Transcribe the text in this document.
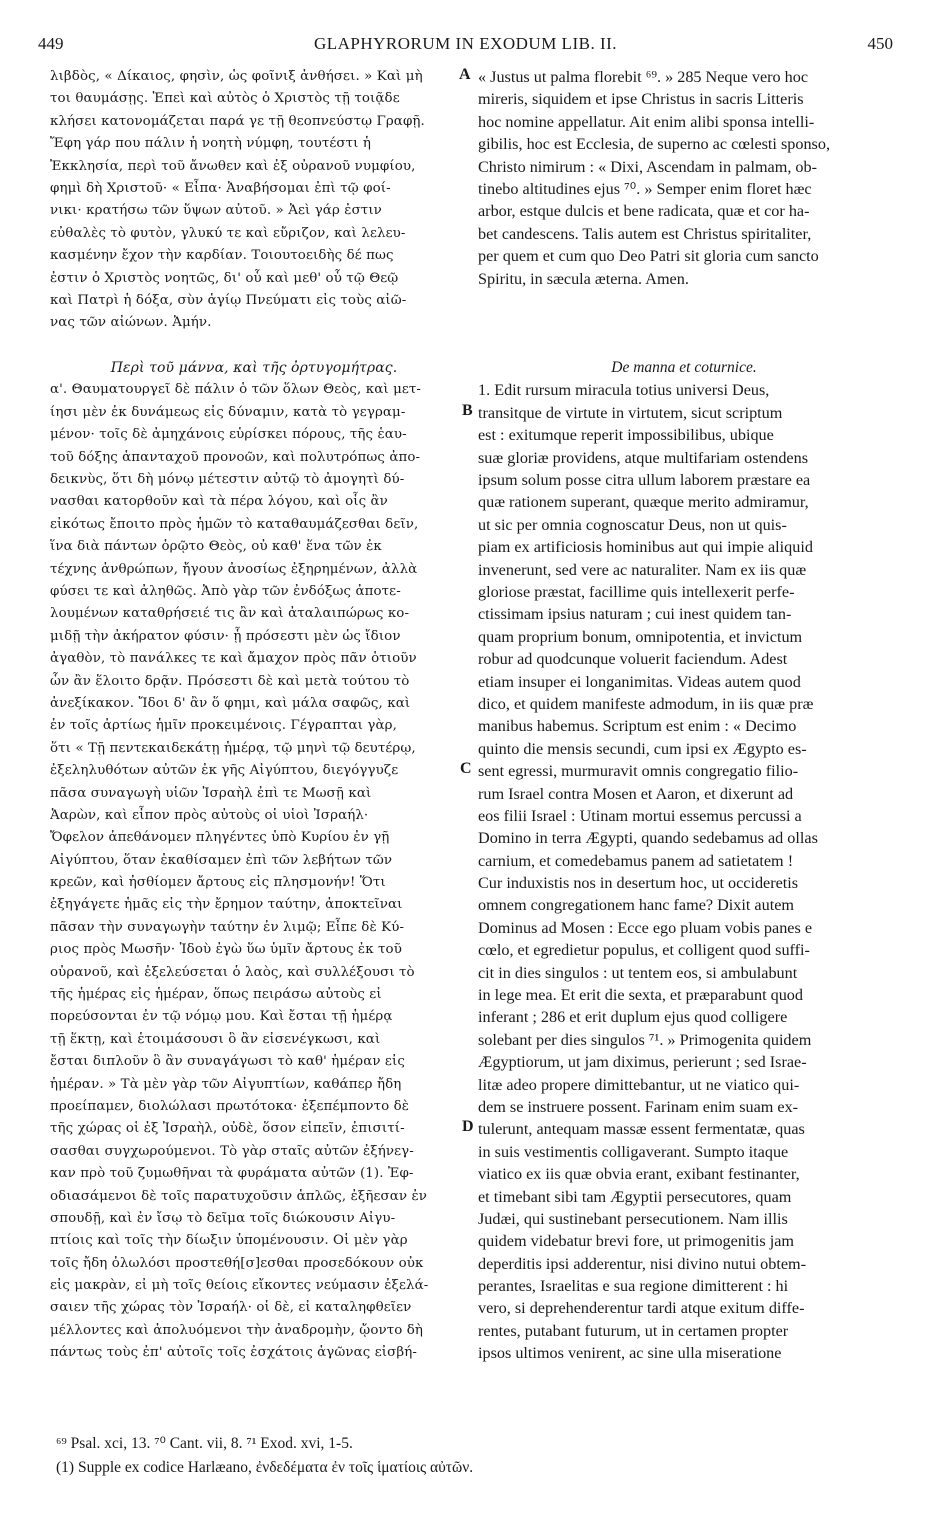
449	GLAPHYRORUM IN EXODUM LIB. II.	450
λιβδὸς, « Δίκαιος, φησὶν, ὡς φοῖνιξ ἀνθήσει. » Καὶ μὴ
τοι θαυμάσῃς. Ἐπεὶ καὶ αὐτὸς ὁ Χριστὸς τῇ τοιᾷδε
κλήσει κατονομάζεται παρά γε τῇ θεοπνεύστῳ Γραφῇ.
Ἔφη γάρ που πάλιν ἡ νοητὴ νύμφη, τουτέστι ἡ
Ἐκκλησία, περὶ τοῦ ἄνωθεν καὶ ἐξ οὐρανοῦ νυμφίου,
φημὶ δὴ Χριστοῦ· « Εἶπα· Ἀναβήσομαι ἐπὶ τῷ φοί-
νικι· κρατήσω τῶν ὕψων αὐτοῦ. » Ἀεὶ γάρ ἐστιν
εὐθαλὲς τὸ φυτὸν, γλυκύ τε καὶ εὔριζον, καὶ λελευ-
κασμένην ἔχον τὴν καρδίαν. Τοιουτοειδὴς δέ πως
ἐστιν ὁ Χριστὸς νοητῶς, δι' οὗ καὶ μεθ' οὗ τῷ Θεῷ
καὶ Πατρὶ ἡ δόξα, σὺν ἁγίῳ Πνεύματι εἰς τοὺς αἰῶ-
νας τῶν αἰώνων. Ἀμήν.
Περὶ τοῦ μάννα, καὶ τῆς ὀρτυγομήτρας.
α'. Θαυματουργεῖ δὲ πάλιν ὁ τῶν ὅλων Θεὸς, καὶ μετ-
ίησι μὲν ἐκ δυνάμεως εἰς δύναμιν, κατὰ τὸ γεγραμ-
μένον· τοῖς δὲ ἀμηχάνοις εὑρίσκει πόρους, τῆς ἑαυ-
τοῦ δόξης ἁπανταχοῦ προνοῶν, καὶ πολυτρόπως ἀπο-
δεικνὺς, ὅτι δὴ μόνῳ μέτεστιν αὐτῷ τὸ ἀμογητὶ δύ-
νασθαι κατορθοῦν καὶ τὰ πέρα λόγου, καὶ οἷς ἂν
εἰκότως ἔποιτο πρὸς ἡμῶν τὸ καταθαυμάζεσθαι δεῖν,
ἵνα διὰ πάντων ὁρῷτο Θεὸς, οὐ καθ' ἕνα τῶν ἐκ
τέχνης ἀνθρώπων, ἤγουν ἀνοσίως ἐξηρημένων, ἀλλὰ
φύσει τε καὶ ἀληθῶς. Ἀπὸ γὰρ τῶν ἐνδόξως ἀποτε-
λουμένων καταθρήσειέ τις ἂν καὶ ἀταλαιπώρως κο-
μιδῇ τὴν ἀκήρατον φύσιν· ᾗ πρόσεστι μὲν ὡς ἴδιον
ἀγαθὸν, τὸ πανάλκες τε καὶ ἄμαχον πρὸς πᾶν ὁτιοῦν
ὧν ἂν ἕλοιτο δρᾷν. Πρόσεστι δὲ καὶ μετὰ τούτου τὸ
ἀνεξίκακον. Ἴδοι δ' ἂν ὅ φημι, καὶ μάλα σαφῶς, καὶ
ἐν τοῖς ἀρτίως ἡμῖν προκειμένοις. Γέγραπται γὰρ,
ὅτι « Τῇ πεντεκαιδεκάτῃ ἡμέρᾳ, τῷ μηνὶ τῷ δευτέρῳ,
ἐξεληλυθότων αὐτῶν ἐκ γῆς Αἰγύπτου, διεγόγγυζε
πᾶσα συναγωγὴ υἱῶν Ἰσραὴλ ἐπὶ τε Μωσῇ καὶ
Ἀαρὼν, καὶ εἶπον πρὸς αὐτοὺς οἱ υἱοὶ Ἰσραήλ·
Ὄφελον ἀπεθάνομεν πληγέντες ὑπὸ Κυρίου ἐν γῇ
Αἰγύπτου, ὅταν ἐκαθίσαμεν ἐπὶ τῶν λεβήτων τῶν
κρεῶν, καὶ ἠσθίομεν ἄρτους εἰς πλησμονήν! Ὅτι
ἐξηγάγετε ἡμᾶς εἰς τὴν ἔρημον ταύτην, ἀποκτεῖναι
πᾶσαν τὴν συναγωγὴν ταύτην ἐν λιμῷ; Εἶπε δὲ Κύ-
ριος πρὸς Μωσῆν· Ἰδοὺ ἐγὼ ὕω ὑμῖν ἄρτους ἐκ τοῦ
οὐρανοῦ, καὶ ἐξελεύσεται ὁ λαὸς, καὶ συλλέξουσι τὸ
τῆς ἡμέρας εἰς ἡμέραν, ὅπως πειράσω αὐτοὺς εἰ
πορεύσονται ἐν τῷ νόμῳ μου. Καὶ ἔσται τῇ ἡμέρᾳ
τῇ ἕκτῃ, καὶ ἑτοιμάσουσι ὃ ἂν εἰσενέγκωσι, καὶ
ἔσται διπλοῦν ὃ ἂν συναγάγωσι τὸ καθ' ἡμέραν εἰς
ἡμέραν. » Τὰ μὲν γὰρ τῶν Αἰγυπτίων, καθάπερ ἤδη
προείπαμεν, διολώλασι πρωτότοκα· ἐξεπέμποντο δὲ
τῆς χώρας οἱ ἐξ Ἰσραὴλ, οὐδὲ, ὅσον εἰπεῖν, ἐπισιτί-
σασθαι συγχωρούμενοι. Τὸ γὰρ σταῖς αὐτῶν ἐξήνεγ-
καν πρὸ τοῦ ζυμωθῆναι τὰ φυράματα αὐτῶν (1). Ἐφ-
οδιασάμενοι δὲ τοῖς παρατυχοῦσιν ἁπλῶς, ἐξῆεσαν ἐν
σπουδῇ, καὶ ἐν ἴσῳ τὸ δεῖμα τοῖς διώκουσιν Αἰγυ-
πτίοις καὶ τοῖς τὴν δίωξιν ὑπομένουσιν. Οἱ μὲν γὰρ
τοῖς ἤδη ὀλωλόσι προστεθή[σ]εσθαι προσεδόκουν οὐκ
εἰς μακρὰν, εἰ μὴ τοῖς θείοις εἴκοντες νεύμασιν ἐξελά-
σαιεν τῆς χώρας τὸν Ἰσραήλ· οἱ δὲ, εἰ καταληφθεῖεν
μέλλοντες καὶ ἀπολυόμενοι τὴν ἀναδρομὴν, ᾤοντο δὴ
πάντως τοὺς ἐπ' αὐτοῖς τοῖς ἐσχάτοις ἀγῶνας εἰσβή-
« Justus ut palma florebit ⁶⁹. » 285 Neque vero hoc
mireris, siquidem et ipse Christus in sacris Litteris
hoc nomine appellatur. Ait enim alibi sponsa intelli-
gibilis, hoc est Ecclesia, de superno ac cœlesti sponso,
Christo nimirum : « Dixi, Ascendam in palmam, ob-
tinebo altitudines ejus ⁷⁰. » Semper enim floret hæc
arbor, estque dulcis et bene radicata, quæ et cor ha-
bet candescens. Talis autem est Christus spiritaliter,
per quem et cum quo Deo Patri sit gloria cum sancto
Spiritu, in sæcula æterna. Amen.
De manna et coturnice.
1. Edit rursum miracula totius universi Deus,
transitque de virtute in virtutem, sicut scriptum
est : exitumque reperit impossibilibus, ubique
suæ gloriæ providens, atque multifariam ostendens
ipsum solum posse citra ullum laborem præstare ea
quæ rationem superant, quæque merito admiramur,
ut sic per omnia cognoscatur Deus, non ut quis-
piam ex artificiosis hominibus aut qui impie aliquid
invenerunt, sed vere ac naturaliter. Nam ex iis quæ
gloriose præstat, facillime quis intellexerit perfe-
ctissimam ipsius naturam ; cui inest quidem tan-
quam proprium bonum, omnipotentia, et invictum
robur ad quodcunque voluerit faciendum. Adest
etiam insuper ei longanimitas. Videas autem quod
dico, et quidem manifeste admodum, in iis quæ præ
manibus habemus. Scriptum est enim : « Decimo
quinto die mensis secundi, cum ipsi ex Ægypto es-
sent egressi, murmuravit omnis congregatio filio-
rum Israel contra Mosen et Aaron, et dixerunt ad
eos filii Israel : Utinam mortui essemus percussi a
Domino in terra Ægypti, quando sedebamus ad ollas
carnium, et comedebamus panem ad satietatem !
Cur induxistis nos in desertum hoc, ut occideretis
omnem congregationem hanc fame? Dixit autem
Dominus ad Mosen : Ecce ego pluam vobis panes e
cœlo, et egredietur populus, et colligent quod suffi-
cit in dies singulos : ut tentem eos, si ambulabunt
in lege mea. Et erit die sexta, et præparabunt quod
inferant ; 286 et erit duplum ejus quod colligere
solebant per dies singulos ⁷¹. » Primogenita quidem
Ægyptiorum, ut jam diximus, perierunt ; sed Israe-
litæ adeo propere dimittebantur, ut ne viatico qui-
dem se instruere possent. Farinam enim suam ex-
tulerunt, antequam massæ essent fermentatæ, quas
in suis vestimentis colligaverant. Sumpto itaque
viatico ex iis quæ obvia erant, exibant festinanter,
et timebant sibi tam Ægyptii persecutores, quam
Judæi, qui sustinebant persecutionem. Nam illis
quidem videbatur brevi fore, ut primogenitis jam
deperditis ipsi adderentur, nisi divino nutui obtem-
perantes, Israelitas e sua regione dimitterent : hi
vero, si deprehenderentur tardi atque exitum diffe-
rentes, putabant futurum, ut in certamen propter
ipsos ultimos venirent, ac sine ulla miseratione
A
B
C
D
⁶⁹ Psal. xci, 13. ⁷⁰ Cant. vii, 8. ⁷¹ Exod. xvi, 1-5.
(1) Supple ex codice Harlæano, ἐνδεδέματα ἐν τοῖς ἱματίοις αὐτῶν.
